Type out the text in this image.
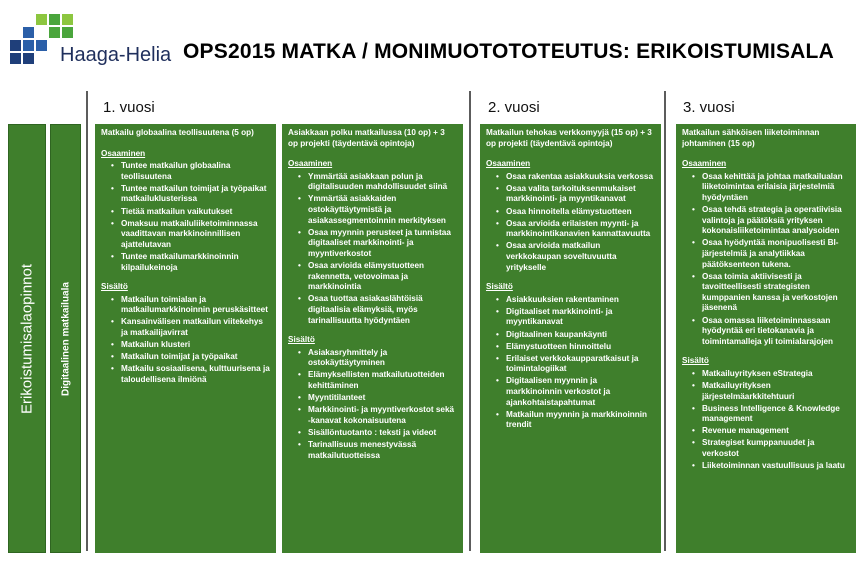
Haaga-Helia OPS2015 MATKA / MONIMUOTOTOTEUTUS: ERIKOISTUMISALA
1. vuosi	2. vuosi	3. vuosi
Erikoistumisalaopinnot Digitaalinen matkailuala
Matkailu globaalina teollisuutena (5 op)
Osaaminen
• Tuntee matkailun globaalina teollisuutena
• Tuntee matkailun toimijat ja työpaikat matkailuklusterissa
• Tietää matkailun vaikutukset
• Omaksuu matkailuliiketoiminnassa vaadittavan markkinoinnillisen ajattelutavan
• Tuntee matkailumarkkinoinnin kilpailukeinoja
Sisältö
• Matkailun toimialan ja matkailumarkkinoinnin peruskäsitteet
• Kansainvälisen matkailun viitekehys ja matkailijavirrat
• Matkailun klusteri
• Matkailun toimijat ja työpaikat
• Matkailu sosiaalisena, kulttuurisena ja taloudellisena ilmiönä
Asiakkaan polku matkailussa (10 op) + 3 op projekti (täydentävä opintoja)
Osaaminen
• Ymmärtää asiakkaan polun ja digitalisuuden mahdollisuudet siinä
• Ymmärtää asiakkaiden ostokäyttäytymistä ja asiakassegmentoinnin merkityksen
• Osaa myynnin perusteet ja tunnistaa digitaaliset markkinointi- ja myyntiverkostot
• Osaa arvioida elämystuotteen rakennetta, vetovoimaa ja markkinointia
• Osaa tuottaa asiakaslähtöisiä digitaalisia elämyksiä, myös tarinallisuutta hyödyntäen
Sisältö
• Asiakasryhmittely ja ostokäyttäytyminen
• Elämyksellisten matkailutuotteiden kehittäminen
• Myyntitilanteet
• Markkinointi- ja myyntiverkostot sekä -kanavat kokonaisuutena
• Sisällöntuotanto : teksti ja videot
• Tarinallisuus menestyvässä matkailutuotteissa
Matkailun tehokas verkkomyyjä (15 op) + 3 op projekti (täydentävä opintoja)
Osaaminen
• Osaa rakentaa asiakkuuksia verkossa
• Osaa valita tarkoituksenmukaiset markkinointi- ja myyntikanavat
• Osaa hinnoitella elämystuotteen
• Osaa arvioida erilaisten myynti- ja markkinointikanavien kannattavuutta
• Osaa arvioida matkailun verkkokaupan soveltuvuutta yritykselle
Sisältö
• Asiakkuuksien rakentaminen
• Digitaaliset markkinointi- ja myyntikanavat
• Digitaalinen kaupankäynti
• Elämystuotteen hinnoittelu
• Erilaiset verkkokaupparatkaisut ja toimintalogiikat
• Digitaalisen myynnin ja markkinoinnin verkostot ja ajankohtaistapahtumat
• Matkailun myynnin ja markkinoinnin trendit
Matkailun sähköisen liiketoiminnan johtaminen (15 op)
Osaaminen
• Osaa kehittää ja johtaa matkailualan liiketoimintaa erilaisia järjestelmiä hyödyntäen
• Osaa tehdä strategia ja operatiivisia valintoja ja päätöksiä yrityksen kokonaisliiketoimintaa analysoiden
• Osaa hyödyntää monipuolisesti BI-järjestelmiä ja analytiikkaa päätöksenteon tukena.
• Osaa toimia aktiivisesti ja tavoitteellisesti strategisten kumppanien kanssa ja verkostojen jäsenenä
• Osaa omassa liiketoiminnassaan hyödyntää eri tietokanavia ja toimintamalleja yli toimialarajojen
Sisältö
• Matkailuyrityksen eStrategia
• Matkailuyrityksen järjestelmäarkkitehtuuri
• Business Intelligence & Knowledge management
• Revenue management
• Strategiset kumppanuudet ja verkostot
• Liiketoiminnan vastuullisuus ja laatu
